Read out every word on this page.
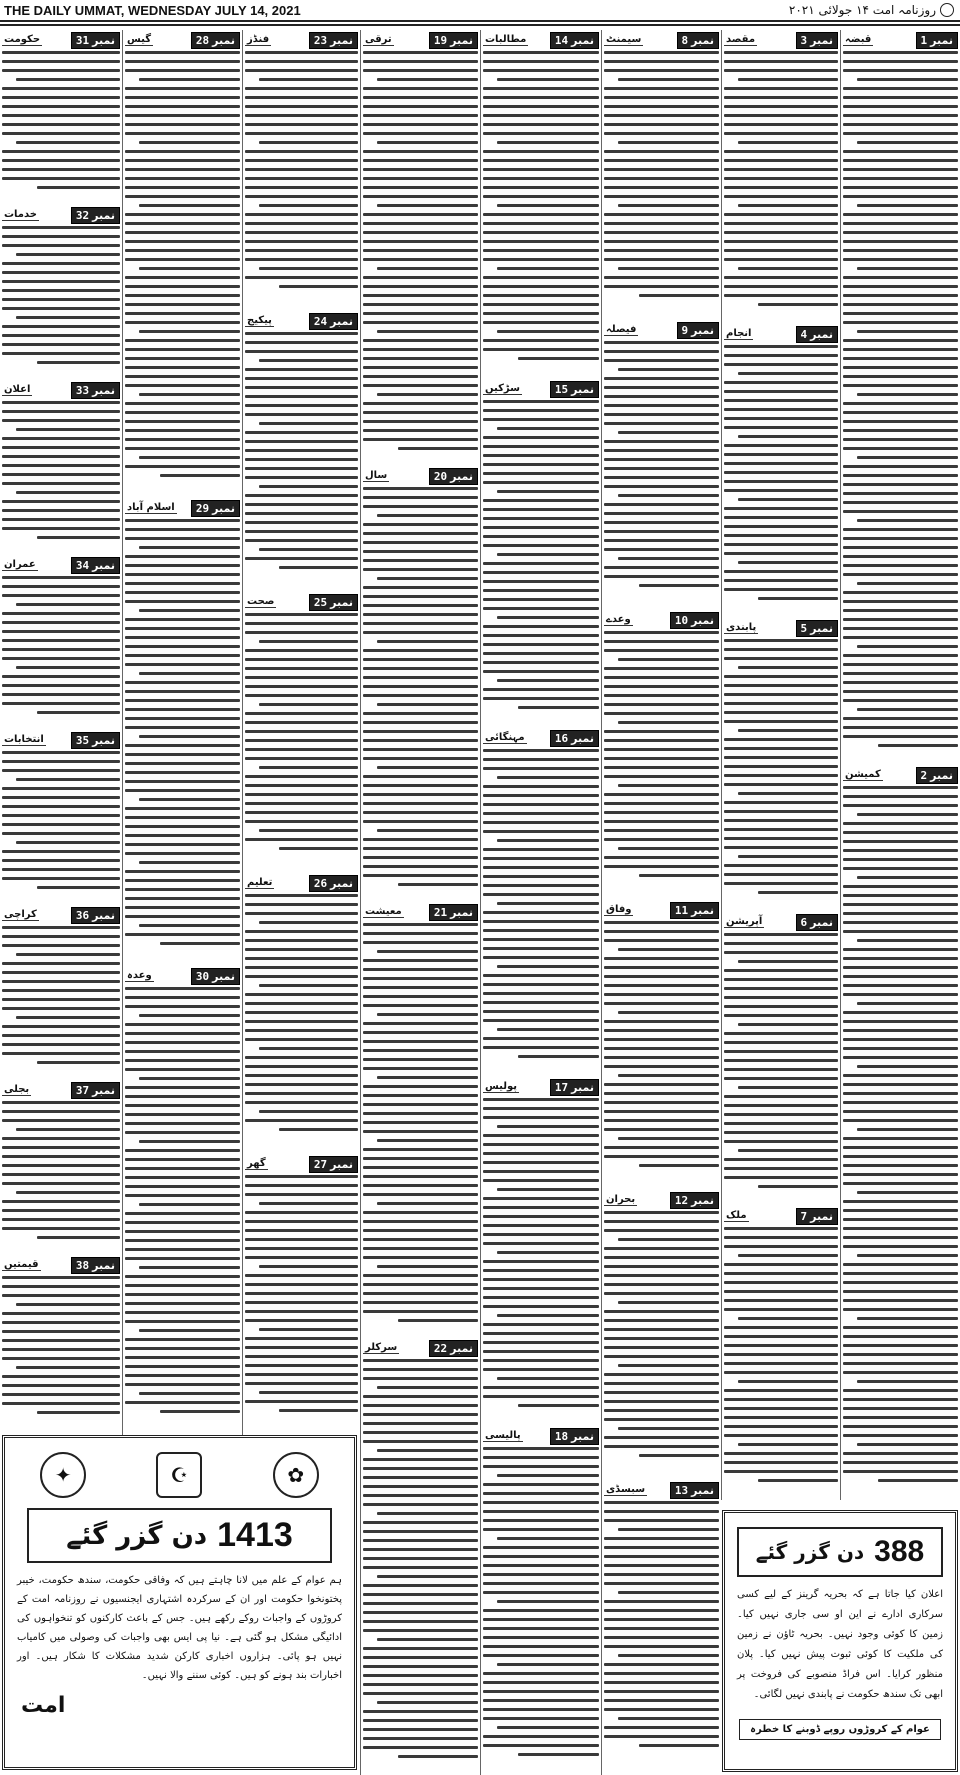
THE DAILY UMMAT, WEDNESDAY JULY 14, 2021	روزنامہ امت ۱۴ جولائی ۲۰۲۱
نمبر
31
حکومت
نمبر
32
خدمات
نمبر
33
اعلان
نمبر
34
عمران
نمبر
35
انتخابات
نمبر
36
کراچی
نمبر
37
بجلی
نمبر
38
قیمتیں
نمبر
28
گیس
نمبر
29
اسلام آباد
نمبر
30
وعدہ
نمبر
23
فنڈز
نمبر
24
پیکیج
نمبر
25
صحت
نمبر
26
تعلیم
نمبر
27
گھر
نمبر
19
ترقی
نمبر
20
سال
نمبر
21
معیشت
نمبر
22
سرکلر
نمبر
14
مطالبات
نمبر
15
سڑکیں
نمبر
16
مہنگائی
نمبر
17
پولیس
نمبر
18
پالیسی
نمبر
8
سیمنٹ
نمبر
9
فیصلہ
نمبر
10
وعدے
نمبر
11
وفاق
نمبر
12
بحران
نمبر
13
سبسڈی
نمبر
3
مقصد
نمبر
4
انجام
نمبر
5
پابندی
نمبر
6
آپریشن
نمبر
7
ملک
نمبر
1
قبضہ
نمبر
2
کمیشن
✦	☪	✿
1413
دن گزر گئے
ہم عوام کے علم میں لانا چاہتے ہیں کہ وفاقی حکومت، سندھ حکومت، خیبر پختونخوا حکومت اور ان کے سرکردہ اشتہاری ایجنسیوں نے روزنامہ امت کے کروڑوں کے واجبات روکے رکھے ہیں۔ جس کے باعث کارکنوں کو تنخواہوں کی ادائیگی مشکل ہو گئی ہے۔ نیا پی ایس بھی واجبات کی وصولی میں کامیاب نہیں ہو پائی۔ ہزاروں اخباری کارکن شدید مشکلات کا شکار ہیں۔ اور اخبارات بند ہونے کو ہیں۔ کوئی سننے والا نہیں۔
امت
388
دن گزر گئے
اعلان کیا جاتا ہے کہ بحریہ گرینز کے لیے کسی سرکاری ادارے نے این او سی جاری نہیں کیا۔ زمین کا کوئی وجود نہیں۔ بحریہ ٹاؤن نے زمین کی ملکیت کا کوئی ثبوت پیش نہیں کیا۔ پلان منظور کرایا۔ اس فراڈ منصوبے کی فروخت پر ابھی تک سندھ حکومت نے پابندی نہیں لگائی۔
عوام کے کروڑوں روپے ڈوبنے کا خطرہ
